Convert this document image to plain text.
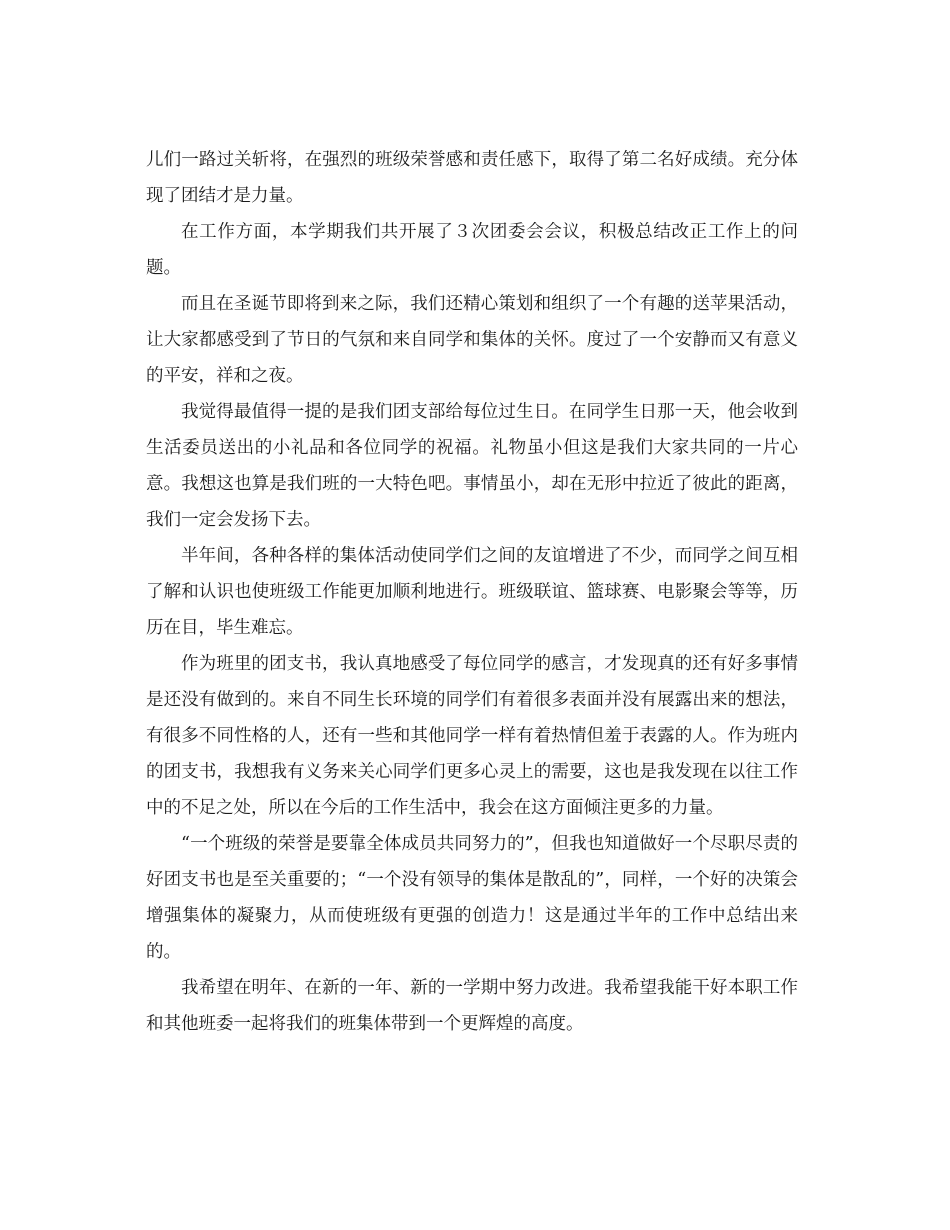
儿们一路过关斩将，在强烈的班级荣誉感和责任感下，取得了第二名好成绩。充分体现了团结才是力量。

在工作方面，本学期我们共开展了３次团委会会议，积极总结改正工作上的问题。

而且在圣诞节即将到来之际，我们还精心策划和组织了一个有趣的送苹果活动，让大家都感受到了节日的气氛和来自同学和集体的关怀。度过了一个安静而又有意义的平安，祥和之夜。

我觉得最值得一提的是我们团支部给每位过生日。在同学生日那一天，他会收到生活委员送出的小礼品和各位同学的祝福。礼物虽小但这是我们大家共同的一片心意。我想这也算是我们班的一大特色吧。事情虽小，却在无形中拉近了彼此的距离，我们一定会发扬下去。

半年间，各种各样的集体活动使同学们之间的友谊增进了不少，而同学之间互相了解和认识也使班级工作能更加顺利地进行。班级联谊、篮球赛、电影聚会等等，历历在目，毕生难忘。

作为班里的团支书，我认真地感受了每位同学的感言，才发现真的还有好多事情是还没有做到的。来自不同生长环境的同学们有着很多表面并没有展露出来的想法，有很多不同性格的人，还有一些和其他同学一样有着热情但羞于表露的人。作为班内的团支书，我想我有义务来关心同学们更多心灵上的需要，这也是我发现在以往工作中的不足之处，所以在今后的工作生活中，我会在这方面倾注更多的力量。

“一个班级的荣誉是要靠全体成员共同努力的”，但我也知道做好一个尽职尽责的好团支书也是至关重要的；“一个没有领导的集体是散乱的”，同样，一个好的决策会增强集体的凝聚力，从而使班级有更强的创造力！这是通过半年的工作中总结出来的。

我希望在明年、在新的一年、新的一学期中努力改进。我希望我能干好本职工作和其他班委一起将我们的班集体带到一个更辉煌的高度。
